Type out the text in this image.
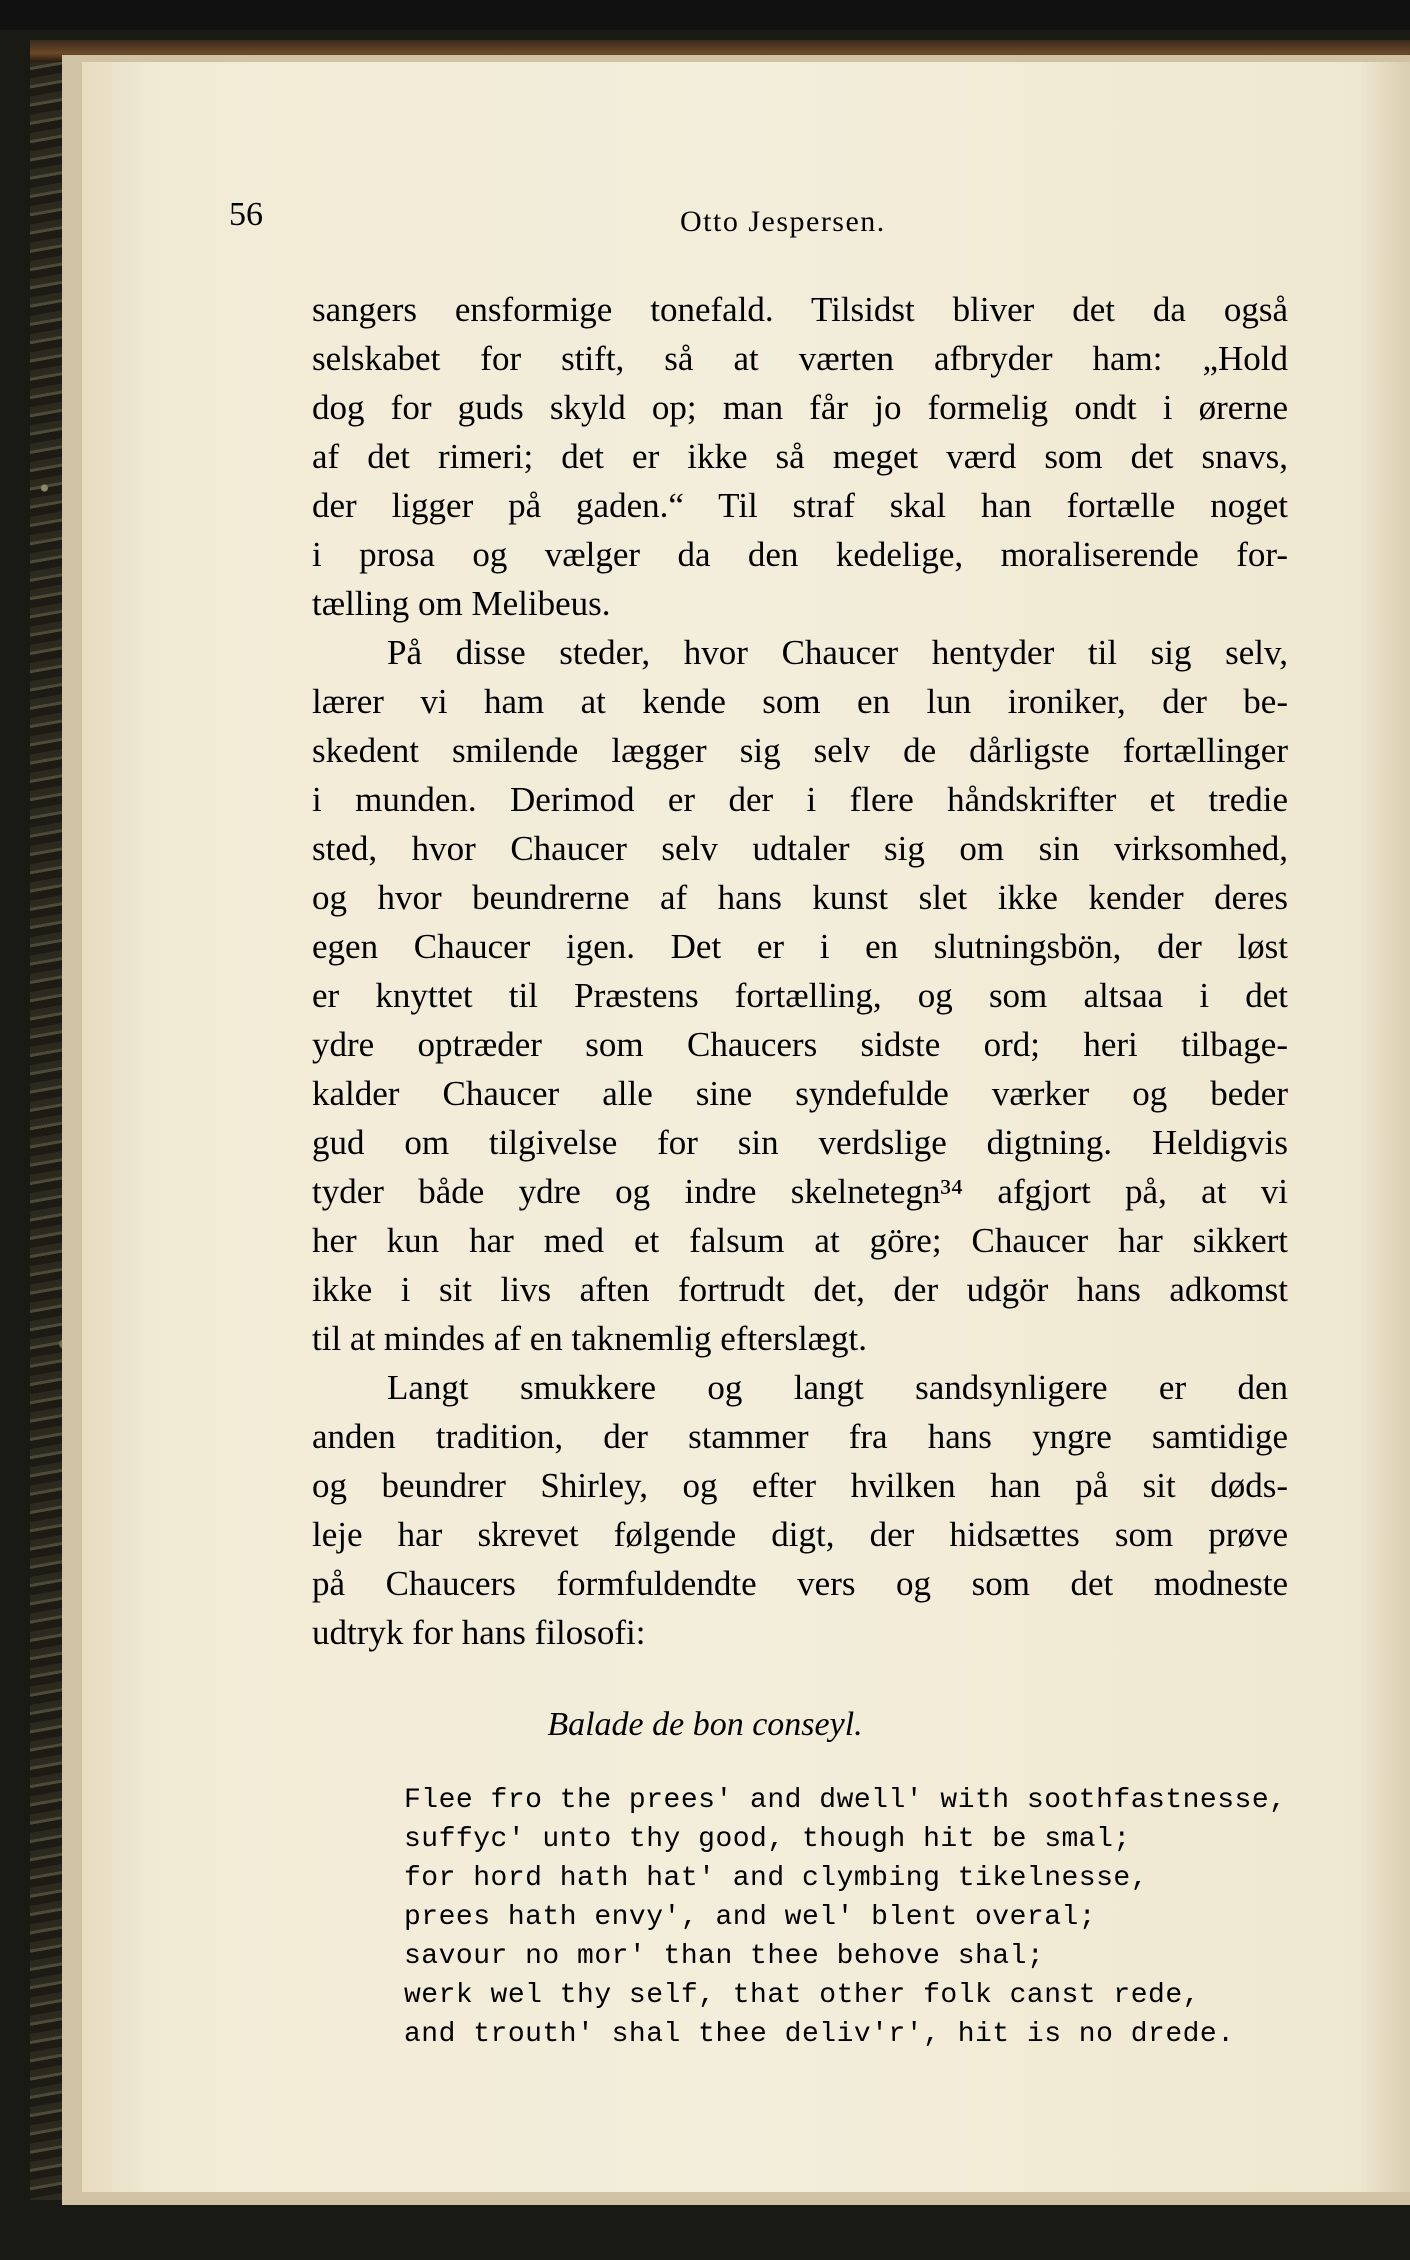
56	Otto Jespersen.
sangers ensformige tonefald. Tilsidst bliver det da også
selskabet for stift, så at værten afbryder ham: „Hold
dog for guds skyld op; man får jo formelig ondt i ørerne
af det rimeri; det er ikke så meget værd som det snavs,
der ligger på gaden.“ Til straf skal han fortælle noget
i prosa og vælger da den kedelige, moraliserende for-
tælling om Melibeus.
På disse steder, hvor Chaucer hentyder til sig selv,
lærer vi ham at kende som en lun ironiker, der be-
skedent smilende lægger sig selv de dårligste fortællinger
i munden. Derimod er der i flere håndskrifter et tredie
sted, hvor Chaucer selv udtaler sig om sin virksomhed,
og hvor beundrerne af hans kunst slet ikke kender deres
egen Chaucer igen. Det er i en slutningsbön, der løst
er knyttet til Præstens fortælling, og som altsaa i det
ydre optræder som Chaucers sidste ord; heri tilbage-
kalder Chaucer alle sine syndefulde værker og beder
gud om tilgivelse for sin verdslige digtning. Heldigvis
tyder både ydre og indre skelnetegn³⁴ afgjort på, at vi
her kun har med et falsum at göre; Chaucer har sikkert
ikke i sit livs aften fortrudt det, der udgör hans adkomst
til at mindes af en taknemlig efterslægt.
Langt smukkere og langt sandsynligere er den
anden tradition, der stammer fra hans yngre samtidige
og beundrer Shirley, og efter hvilken han på sit døds-
leje har skrevet følgende digt, der hidsættes som prøve
på Chaucers formfuldendte vers og som det modneste
udtryk for hans filosofi:
Balade de bon conseyl.
Flee fro the prees' and dwell' with soothfastnesse,
suffyc' unto thy good, though hit be smal;
for hord hath hat' and clymbing tikelnesse,
prees hath envy', and wel' blent overal;
savour no mor' than thee behove shal;
werk wel thy self, that other folk canst rede,
and trouth' shal thee deliv'r', hit is no drede.
